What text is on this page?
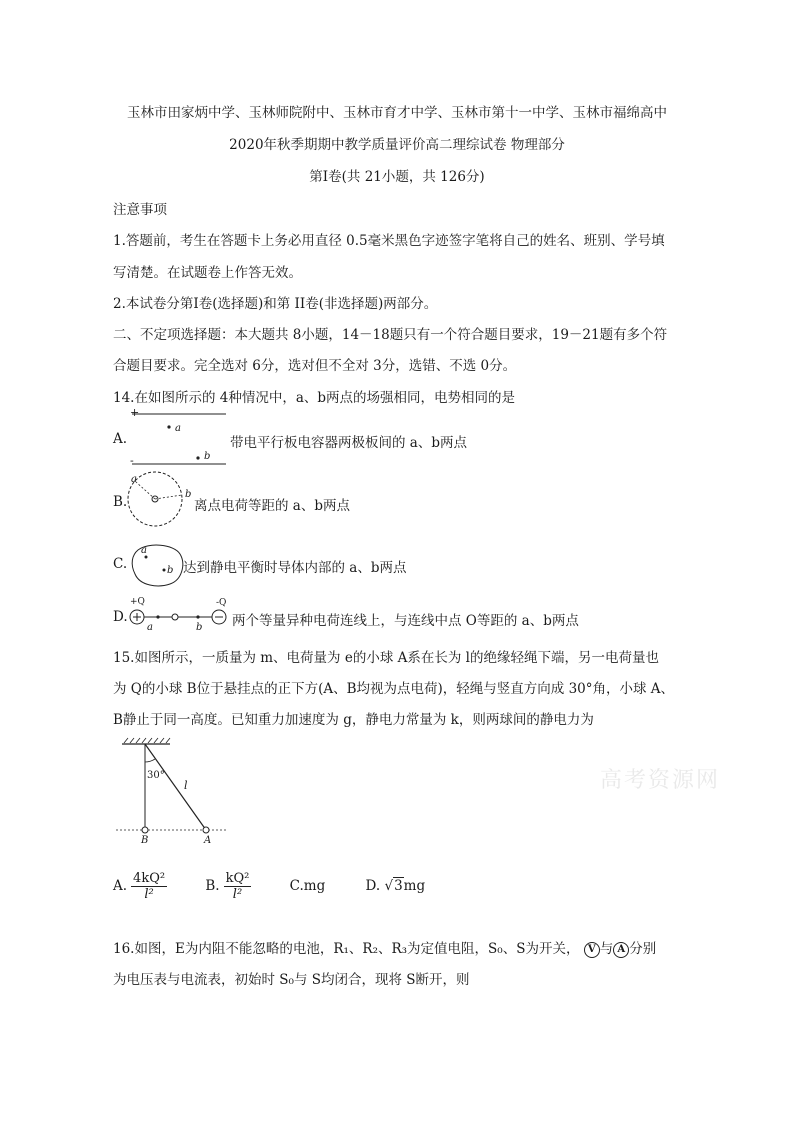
玉林市田家炳中学、玉林师院附中、玉林市育才中学、玉林市第十一中学、玉林市福绵高中
2020年秋季期期中教学质量评价高二理综试卷 物理部分
第Ⅰ卷(共 21小题，共 126分)
注意事项
1.答题前，考生在答题卡上务必用直径 0.5毫米黑色字迹签字笔将自己的姓名、班别、学号填
写清楚。在试题卷上作答无效。
2.本试卷分第Ⅰ卷(选择题)和第 II卷(非选择题)两部分。
二、不定项选择题：本大题共 8小题，14－18题只有一个符合题目要求，19－21题有多个符
合题目要求。完全选对 6分，选对但不全对 3分，选错、不选 0分。
14.在如图所示的 4种情况中，a、b两点的场强相同，电势相同的是
A.
+
-
a
b
带电平行板电容器两极板间的 a、b两点
B.
a
b
离点电荷等距的 a、b两点
C.
a
b 达到静电平衡时导体内部的 a、b两点
D.
+Q	-Q
a	b 两个等量异种电荷连线上，与连线中点 O等距的 a、b两点
15.如图所示，一质量为 m、电荷量为 e的小球 A系在长为 l的绝缘轻绳下端，另一电荷量也
为 Q的小球 B位于悬挂点的正下方(A、B均视为点电荷)，轻绳与竖直方向成 30°角，小球 A、
B静止于同一高度。已知重力加速度为 g，静电力常量为 k，则两球间的静电力为
30°
l
B	A
高考资源网
A. $\frac{\text{4kQ²}}{\text{l²}}$	B. $\frac{\text{kQ²}}{\text{l²}}$	C.mg	D. √3mg
16.如图，E为内阻不能忽略的电池，R₁、R₂、R₃为定值电阻，S₀、S为开关， V 与 A 分别
为电压表与电流表，初始时 S₀与 S均闭合，现将 S断开，则
